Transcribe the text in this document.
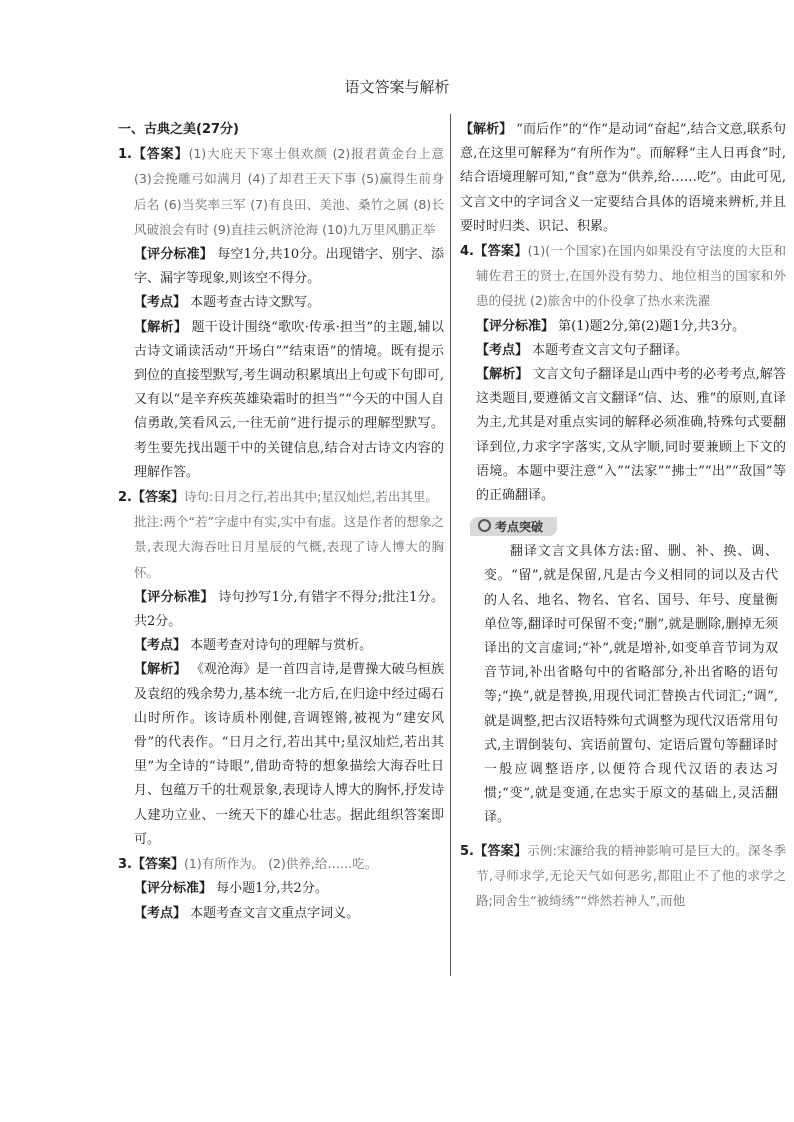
语文答案与解析

一、古典之美(27分)

1.【答案】(1)大庇天下寒士俱欢颜 (2)报君黄金台上意 (3)会挽雕弓如满月 (4)了却君王天下事 (5)赢得生前身后名 (6)当奖率三军 (7)有良田、美池、桑竹之属 (8)长风破浪会有时 (9)直挂云帆济沧海 (10)九万里风鹏正举

【评分标准】 每空1分,共10分。出现错字、别字、添字、漏字等现象,则该空不得分。

【考点】 本题考查古诗文默写。

【解析】 题干设计围绕“歌吹·传承·担当”的主题,辅以古诗文诵读活动“开场白”“结束语”的情境。既有提示到位的直接型默写,考生调动积累填出上句或下句即可,又有以“是辛弃疾英雄染霜时的担当”“今天的中国人自信勇敢,笑看风云,一往无前”进行提示的理解型默写。考生要先找出题干中的关键信息,结合对古诗文内容的理解作答。

2.【答案】诗句:日月之行,若出其中;星汉灿烂,若出其里。

批注:两个“若”字虚中有实,实中有虚。这是作者的想象之景,表现大海吞吐日月星辰的气概,表现了诗人博大的胸怀。

【评分标准】 诗句抄写1分,有错字不得分;批注1分。共2分。

【考点】 本题考查对诗句的理解与赏析。

【解析】 《观沧海》是一首四言诗,是曹操大破乌桓族及袁绍的残余势力,基本统一北方后,在归途中经过碣石山时所作。该诗质朴刚健,音调铿锵,被视为“建安风骨”的代表作。“日月之行,若出其中;星汉灿烂,若出其里”为全诗的“诗眼”,借助奇特的想象描绘大海吞吐日月、包蕴万千的壮观景象,表现诗人博大的胸怀,抒发诗人建功立业、一统天下的雄心壮志。据此组织答案即可。

3.【答案】(1)有所作为。 (2)供养,给……吃。

【评分标准】 每小题1分,共2分。

【考点】 本题考查文言文重点字词义。

【解析】 “而后作”的“作”是动词“奋起”,结合文意,联系句意,在这里可解释为“有所作为”。而解释“主人日再食”时,结合语境理解可知,“食”意为“供养,给……吃”。由此可见,文言文中的字词含义一定要结合具体的语境来辨析,并且要时时归类、识记、积累。

4.【答案】(1)(一个国家)在国内如果没有守法度的大臣和辅佐君王的贤士,在国外没有势力、地位相当的国家和外患的侵扰 (2)旅舍中的仆役拿了热水来洗濯

【评分标准】 第(1)题2分,第(2)题1分,共3分。

【考点】 本题考查文言文句子翻译。

【解析】 文言文句子翻译是山西中考的必考考点,解答这类题目,要遵循文言文翻译“信、达、雅”的原则,直译为主,尤其是对重点实词的解释必须准确,特殊句式要翻译到位,力求字字落实,文从字顺,同时要兼顾上下文的语境。本题中要注意“入”“法家”“拂士”“出”“敌国”等的正确翻译。

考点突破

翻译文言文具体方法:留、删、补、换、调、变。“留”,就是保留,凡是古今义相同的词以及古代的人名、地名、物名、官名、国号、年号、度量衡单位等,翻译时可保留不变;“删”,就是删除,删掉无须译出的文言虚词;“补”,就是增补,如变单音节词为双音节词,补出省略句中的省略部分,补出省略的语句等;“换”,就是替换,用现代词汇替换古代词汇;“调”,就是调整,把古汉语特殊句式调整为现代汉语常用句式,主谓倒装句、宾语前置句、定语后置句等翻译时一般应调整语序,以便符合现代汉语的表达习惯;“变”,就是变通,在忠实于原文的基础上,灵活翻译。

5.【答案】示例:宋濂给我的精神影响可是巨大的。深冬季节,寻师求学,无论天气如何恶劣,都阻止不了他的求学之路;同舍生“被绮绣”“烨然若神人”,而他
